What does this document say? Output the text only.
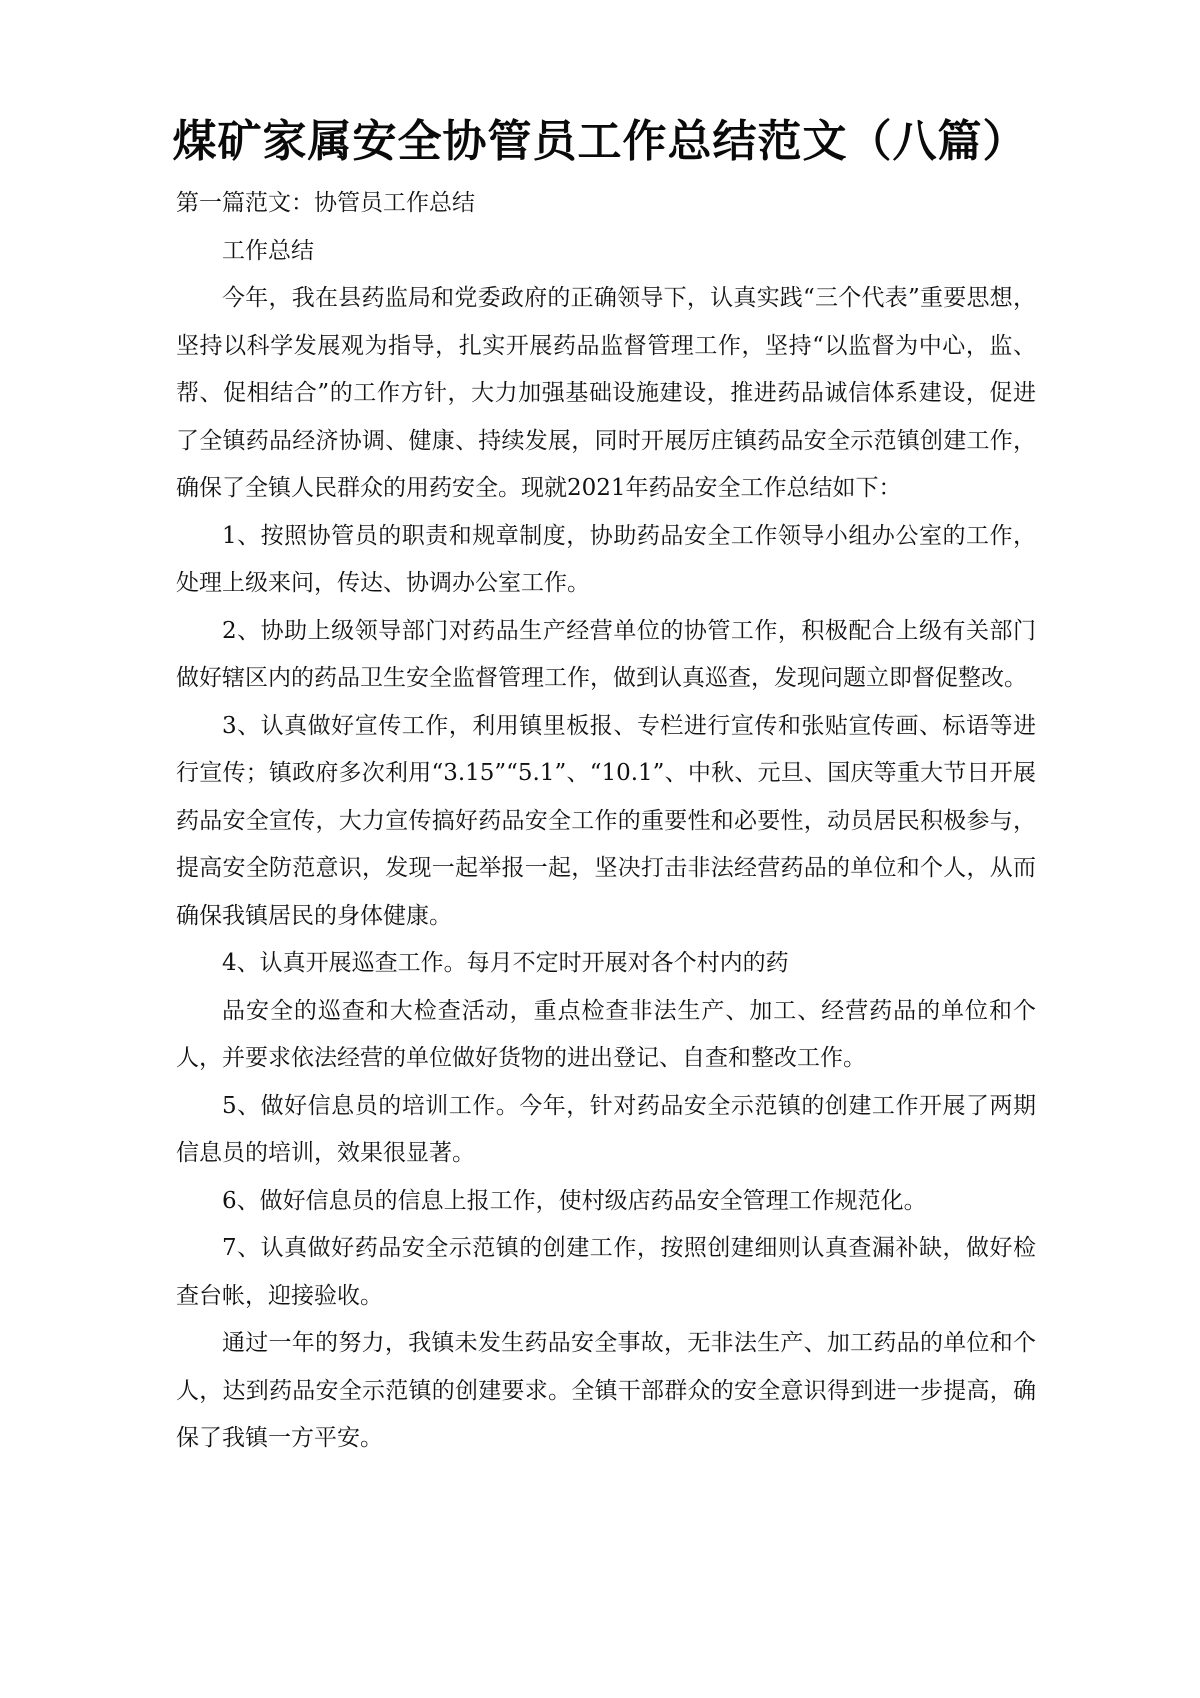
煤矿家属安全协管员工作总结范文（八篇）

第一篇范文：协管员工作总结

工作总结

今年，我在县药监局和党委政府的正确领导下，认真实践“三个代表”重要思想，坚持以科学发展观为指导，扎实开展药品监督管理工作，坚持“以监督为中心，监、帮、促相结合”的工作方针，大力加强基础设施建设，推进药品诚信体系建设，促进了全镇药品经济协调、健康、持续发展，同时开展厉庄镇药品安全示范镇创建工作，确保了全镇人民群众的用药安全。现就2021年药品安全工作总结如下：

1、按照协管员的职责和规章制度，协助药品安全工作领导小组办公室的工作，处理上级来问，传达、协调办公室工作。

2、协助上级领导部门对药品生产经营单位的协管工作，积极配合上级有关部门做好辖区内的药品卫生安全监督管理工作，做到认真巡查，发现问题立即督促整改。

3、认真做好宣传工作，利用镇里板报、专栏进行宣传和张贴宣传画、标语等进行宣传；镇政府多次利用“3.15”“5.1”、“10.1”、中秋、元旦、国庆等重大节日开展药品安全宣传，大力宣传搞好药品安全工作的重要性和必要性，动员居民积极参与，提高安全防范意识，发现一起举报一起，坚决打击非法经营药品的单位和个人，从而确保我镇居民的身体健康。

4、认真开展巡查工作。每月不定时开展对各个村内的药

品安全的巡查和大检查活动，重点检查非法生产、加工、经营药品的单位和个人，并要求依法经营的单位做好货物的进出登记、自查和整改工作。

5、做好信息员的培训工作。今年，针对药品安全示范镇的创建工作开展了两期信息员的培训，效果很显著。

6、做好信息员的信息上报工作，使村级店药品安全管理工作规范化。

7、认真做好药品安全示范镇的创建工作，按照创建细则认真查漏补缺，做好检查台帐，迎接验收。

通过一年的努力，我镇未发生药品安全事故，无非法生产、加工药品的单位和个人，达到药品安全示范镇的创建要求。全镇干部群众的安全意识得到进一步提高，确保了我镇一方平安。
